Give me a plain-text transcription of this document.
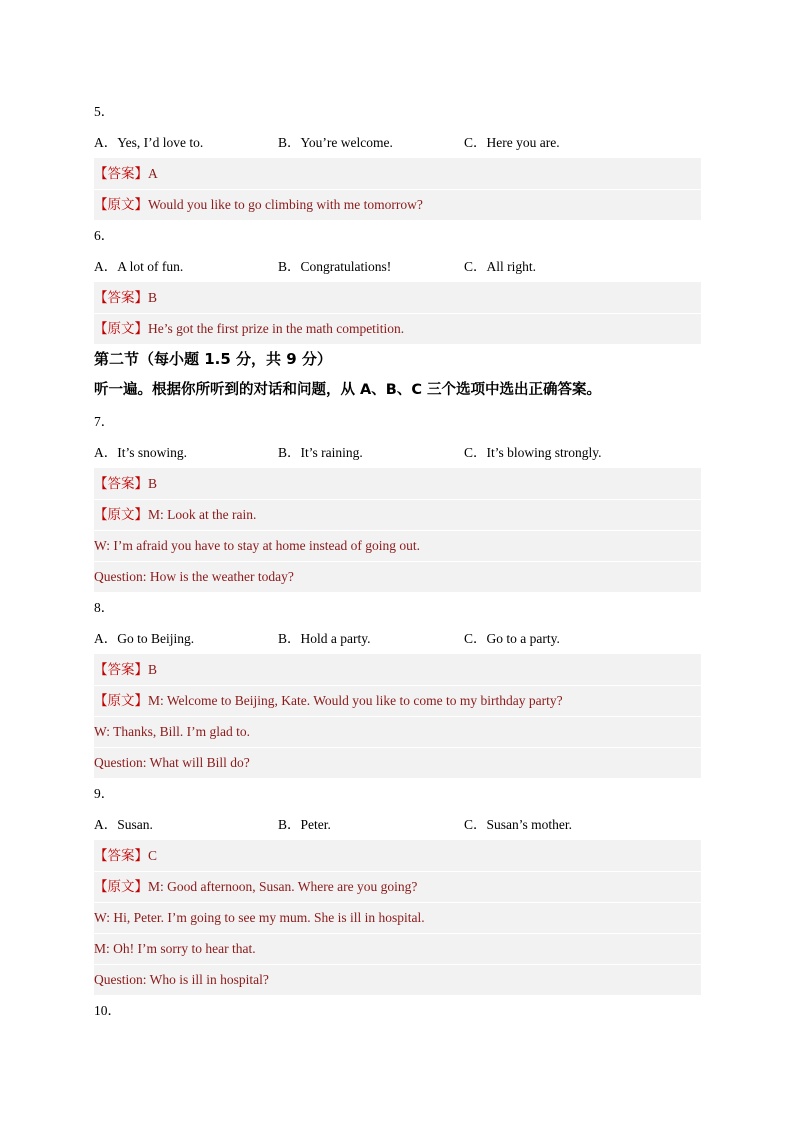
5．
A．Yes, I’d love to.	B．You’re welcome.	C．Here you are.
【答案】A
【原文】Would you like to go climbing with me tomorrow?
6．
A．A lot of fun.	B．Congratulations!	C．All right.
【答案】B
【原文】He’s got the first prize in the math competition.
第二节（每小题 1.5 分，共 9 分）
听一遍。根据你所听到的对话和问题，从 A、B、C 三个选项中选出正确答案。
7．
A．It’s snowing.	B．It’s raining.	C．It’s blowing strongly.
【答案】B
【原文】M: Look at the rain.
W: I’m afraid you have to stay at home instead of going out.
Question: How is the weather today?
8．
A．Go to Beijing.	B．Hold a party.	C．Go to a party.
【答案】B
【原文】M: Welcome to Beijing, Kate. Would you like to come to my birthday party?
W: Thanks, Bill. I’m glad to.
Question: What will Bill do?
9．
A．Susan.	B．Peter.	C．Susan’s mother.
【答案】C
【原文】M: Good afternoon, Susan. Where are you going?
W: Hi, Peter. I’m going to see my mum. She is ill in hospital.
M: Oh! I’m sorry to hear that.
Question: Who is ill in hospital?
10．
